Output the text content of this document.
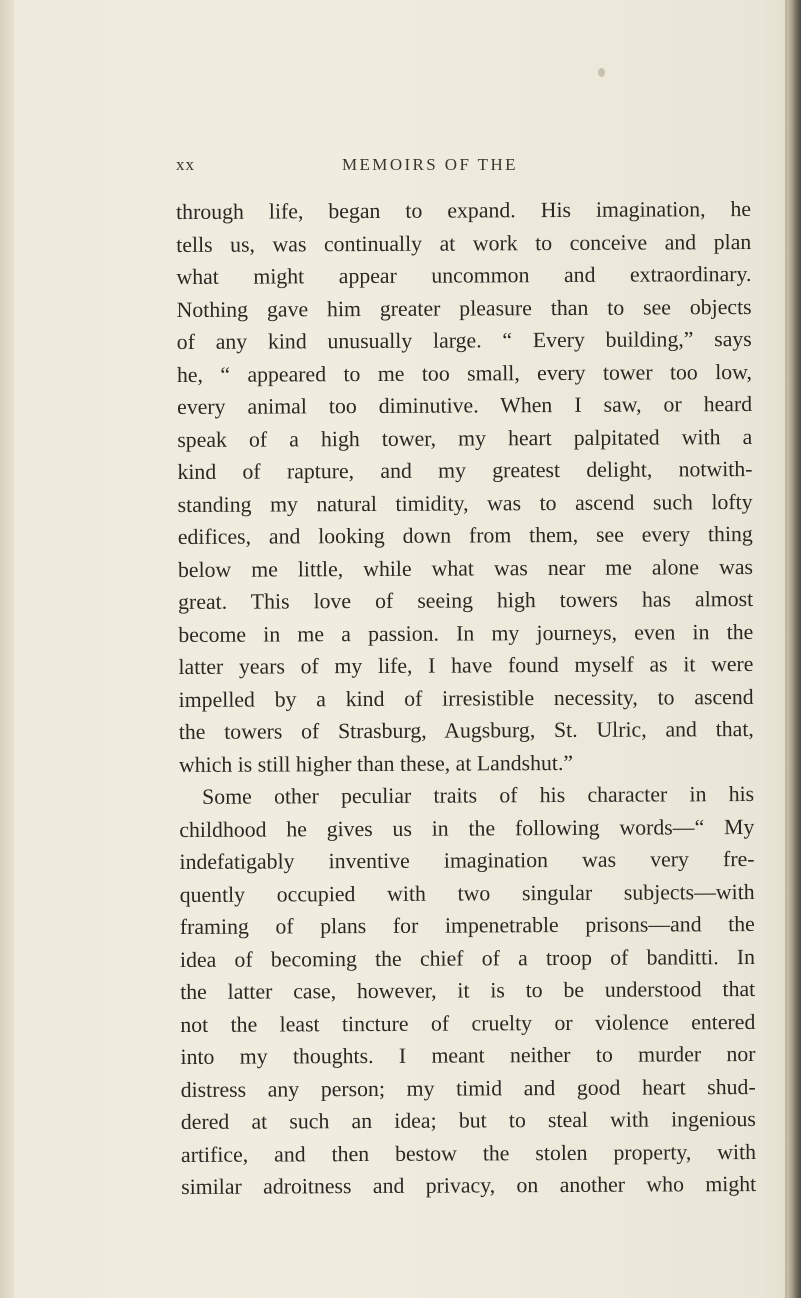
xx	MEMOIRS OF THE
through life, began to expand. His imagination, he
tells us, was continually at work to conceive and plan
what might appear uncommon and extraordinary.
Nothing gave him greater pleasure than to see objects
of any kind unusually large. “ Every building,” says
he, “ appeared to me too small, every tower too low,
every animal too diminutive. When I saw, or heard
speak of a high tower, my heart palpitated with a
kind of rapture, and my greatest delight, notwith-
standing my natural timidity, was to ascend such lofty
edifices, and looking down from them, see every thing
below me little, while what was near me alone was
great. This love of seeing high towers has almost
become in me a passion. In my journeys, even in the
latter years of my life, I have found myself as it were
impelled by a kind of irresistible necessity, to ascend
the towers of Strasburg, Augsburg, St. Ulric, and that,
which is still higher than these, at Landshut.”
Some other peculiar traits of his character in his
childhood he gives us in the following words—“ My
indefatigably inventive imagination was very fre-
quently occupied with two singular subjects—with
framing of plans for impenetrable prisons—and the
idea of becoming the chief of a troop of banditti. In
the latter case, however, it is to be understood that
not the least tincture of cruelty or violence entered
into my thoughts. I meant neither to murder nor
distress any person; my timid and good heart shud-
dered at such an idea; but to steal with ingenious
artifice, and then bestow the stolen property, with
similar adroitness and privacy, on another who might
